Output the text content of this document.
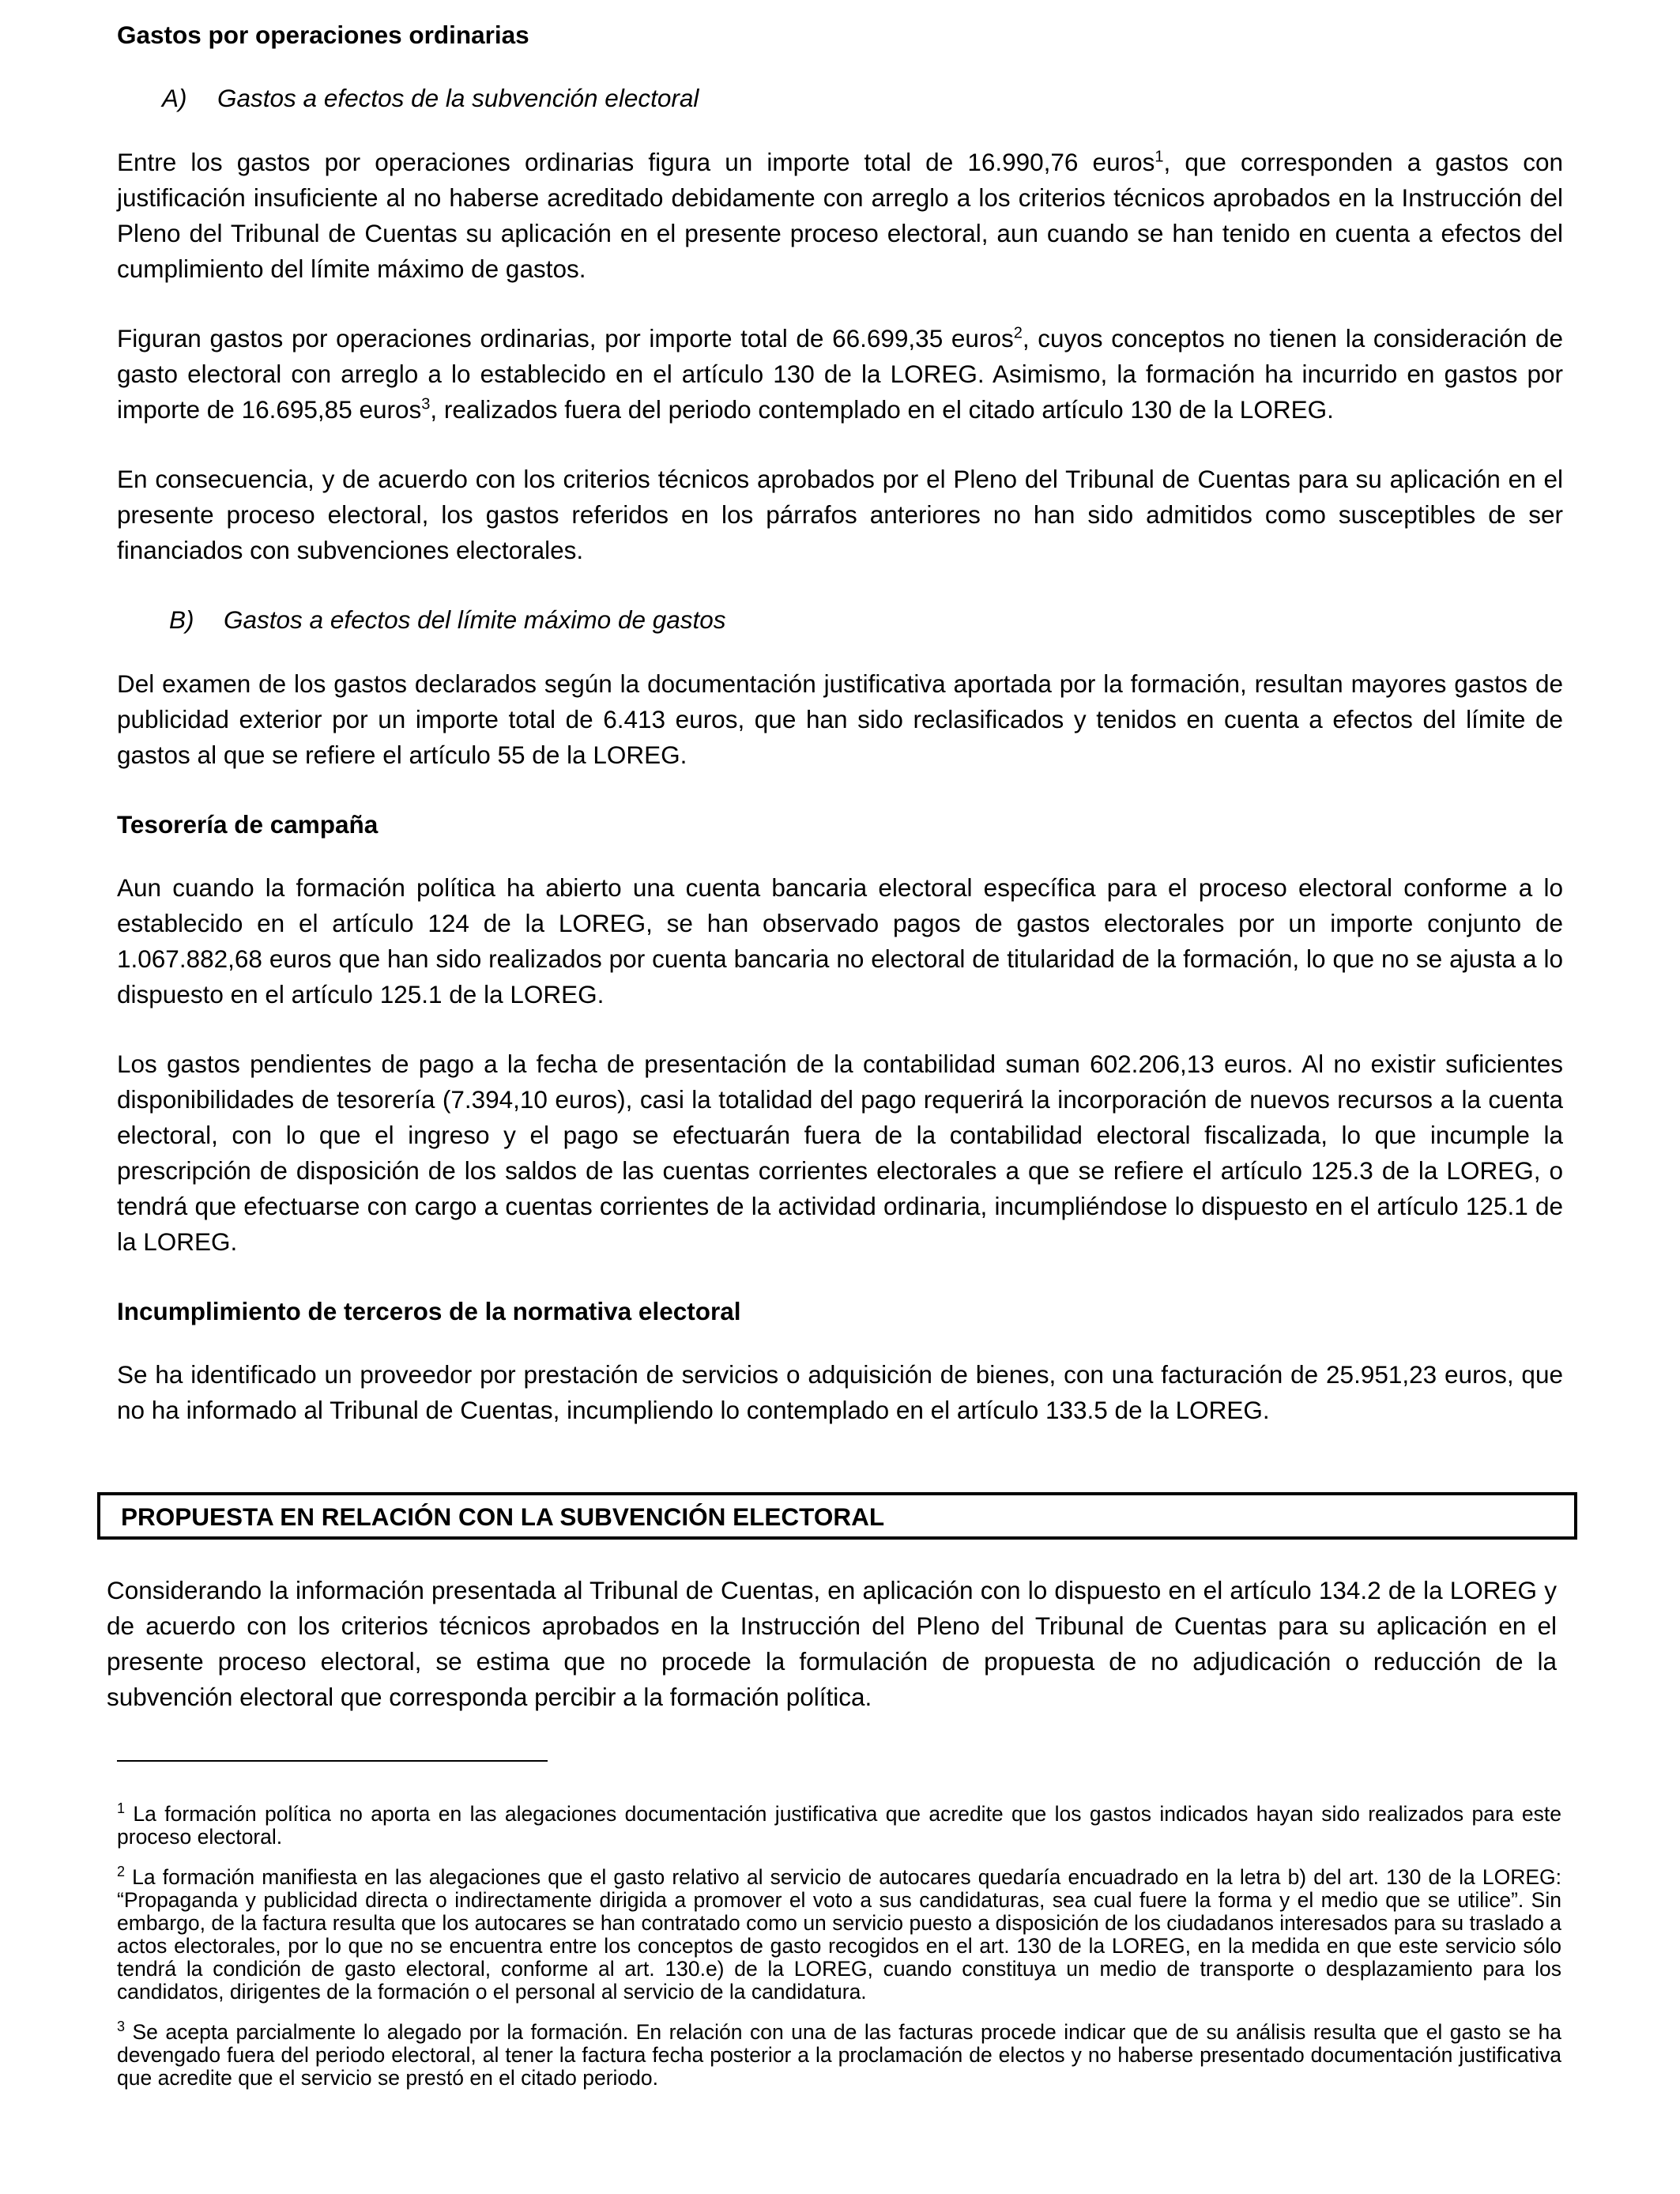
Gastos por operaciones ordinarias
A)	Gastos a efectos de la subvención electoral

Entre los gastos por operaciones ordinarias figura un importe total de 16.990,76 euros$^1$, que corresponden a gastos con justificación insuficiente al no haberse acreditado debidamente con arreglo a los criterios técnicos aprobados en la Instrucción del Pleno del Tribunal de Cuentas su aplicación en el presente proceso electoral, aun cuando se han tenido en cuenta a efectos del cumplimiento del límite máximo de gastos.

Figuran gastos por operaciones ordinarias, por importe total de 66.699,35 euros$^2$, cuyos conceptos no tienen la consideración de gasto electoral con arreglo a lo establecido en el artículo 130 de la LOREG. Asimismo, la formación ha incurrido en gastos por importe de 16.695,85 euros$^3$, realizados fuera del periodo contemplado en el citado artículo 130 de la LOREG.

En consecuencia, y de acuerdo con los criterios técnicos aprobados por el Pleno del Tribunal de Cuentas para su aplicación en el presente proceso electoral, los gastos referidos en los párrafos anteriores no han sido admitidos como susceptibles de ser financiados con subvenciones electorales.

B)	Gastos a efectos del límite máximo de gastos

Del examen de los gastos declarados según la documentación justificativa aportada por la formación, resultan mayores gastos de publicidad exterior por un importe total de 6.413 euros, que han sido reclasificados y tenidos en cuenta a efectos del límite de gastos al que se refiere el artículo 55 de la LOREG.

Tesorería de campaña

Aun cuando la formación política ha abierto una cuenta bancaria electoral específica para el proceso electoral conforme a lo establecido en el artículo 124 de la LOREG, se han observado pagos de gastos electorales por un importe conjunto de 1.067.882,68 euros que han sido realizados por cuenta bancaria no electoral de titularidad de la formación, lo que no se ajusta a lo dispuesto en el artículo 125.1 de la LOREG.

Los gastos pendientes de pago a la fecha de presentación de la contabilidad suman 602.206,13 euros. Al no existir suficientes disponibilidades de tesorería (7.394,10 euros), casi la totalidad del pago requerirá la incorporación de nuevos recursos a la cuenta electoral, con lo que el ingreso y el pago se efectuarán fuera de la contabilidad electoral fiscalizada, lo que incumple la prescripción de disposición de los saldos de las cuentas corrientes electorales a que se refiere el artículo 125.3 de la LOREG, o tendrá que efectuarse con cargo a cuentas corrientes de la actividad ordinaria, incumpliéndose lo dispuesto en el artículo 125.1 de la LOREG.

Incumplimiento de terceros de la normativa electoral

Se ha identificado un proveedor por prestación de servicios o adquisición de bienes, con una facturación de 25.951,23 euros, que no ha informado al Tribunal de Cuentas, incumpliendo lo contemplado en el artículo 133.5 de la LOREG.

PROPUESTA EN RELACIÓN CON LA SUBVENCIÓN ELECTORAL

Considerando la información presentada al Tribunal de Cuentas, en aplicación con lo dispuesto en el artículo 134.2 de la LOREG y de acuerdo con los criterios técnicos aprobados en la Instrucción del Pleno del Tribunal de Cuentas para su aplicación en el presente proceso electoral, se estima que no procede la formulación de propuesta de no adjudicación o reducción de la subvención electoral que corresponda percibir a la formación política.

$^1$ La formación política no aporta en las alegaciones documentación justificativa que acredite que los gastos indicados hayan sido realizados para este proceso electoral.

$^2$ La formación manifiesta en las alegaciones que el gasto relativo al servicio de autocares quedaría encuadrado en la letra b) del art. 130 de la LOREG: “Propaganda y publicidad directa o indirectamente dirigida a promover el voto a sus candidaturas, sea cual fuere la forma y el medio que se utilice”. Sin embargo, de la factura resulta que los autocares se han contratado como un servicio puesto a disposición de los ciudadanos interesados para su traslado a actos electorales, por lo que no se encuentra entre los conceptos de gasto recogidos en el art. 130 de la LOREG, en la medida en que este servicio sólo tendrá la condición de gasto electoral, conforme al art. 130.e) de la LOREG, cuando constituya un medio de transporte o desplazamiento para los candidatos, dirigentes de la formación o el personal al servicio de la candidatura.

$^3$ Se acepta parcialmente lo alegado por la formación. En relación con una de las facturas procede indicar que de su análisis resulta que el gasto se ha devengado fuera del periodo electoral, al tener la factura fecha posterior a la proclamación de electos y no haberse presentado documentación justificativa que acredite que el servicio se prestó en el citado periodo.
